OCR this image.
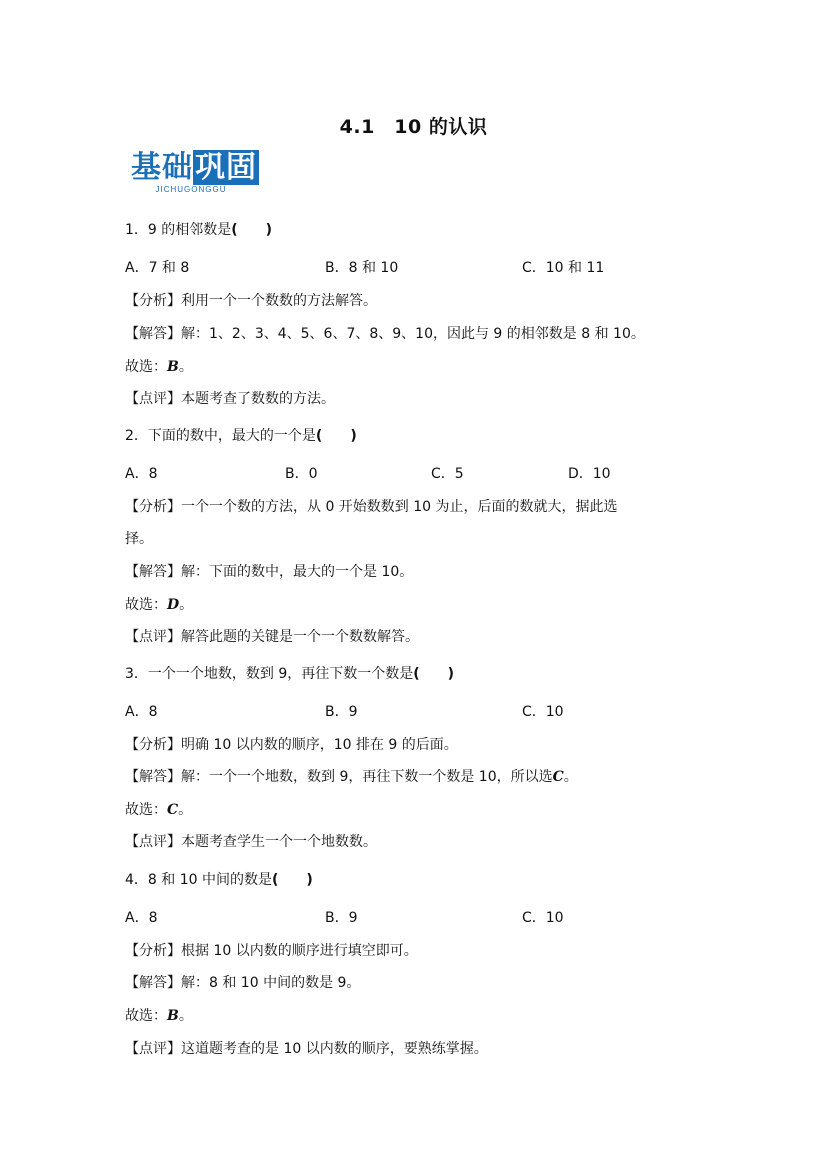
4.1　10 的认识
基础巩固
JICHUGONGGU
1．9 的相邻数是(　　)
A．7 和 8	B．8 和 10	C．10 和 11
【分析】利用一个一个数数的方法解答。
【解答】解：1、2、3、4、5、6、7、8、9、10，因此与 9 的相邻数是 8 和 10。
故选：B。
【点评】本题考查了数数的方法。
2．下面的数中，最大的一个是(　　)
A．8	B．0	C．5	D．10
【分析】一个一个数的方法，从 0 开始数数到 10 为止，后面的数就大，据此选
择。
【解答】解：下面的数中，最大的一个是 10。
故选：D。
【点评】解答此题的关键是一个一个数数解答。
3．一个一个地数，数到 9，再往下数一个数是(　　)
A．8	B．9	C．10
【分析】明确 10 以内数的顺序，10 排在 9 的后面。
【解答】解：一个一个地数，数到 9，再往下数一个数是 10，所以选C。
故选：C。
【点评】本题考查学生一个一个地数数。
4．8 和 10 中间的数是(　　)
A．8	B．9	C．10
【分析】根据 10 以内数的顺序进行填空即可。
【解答】解：8 和 10 中间的数是 9。
故选：B。
【点评】这道题考查的是 10 以内数的顺序，要熟练掌握。
